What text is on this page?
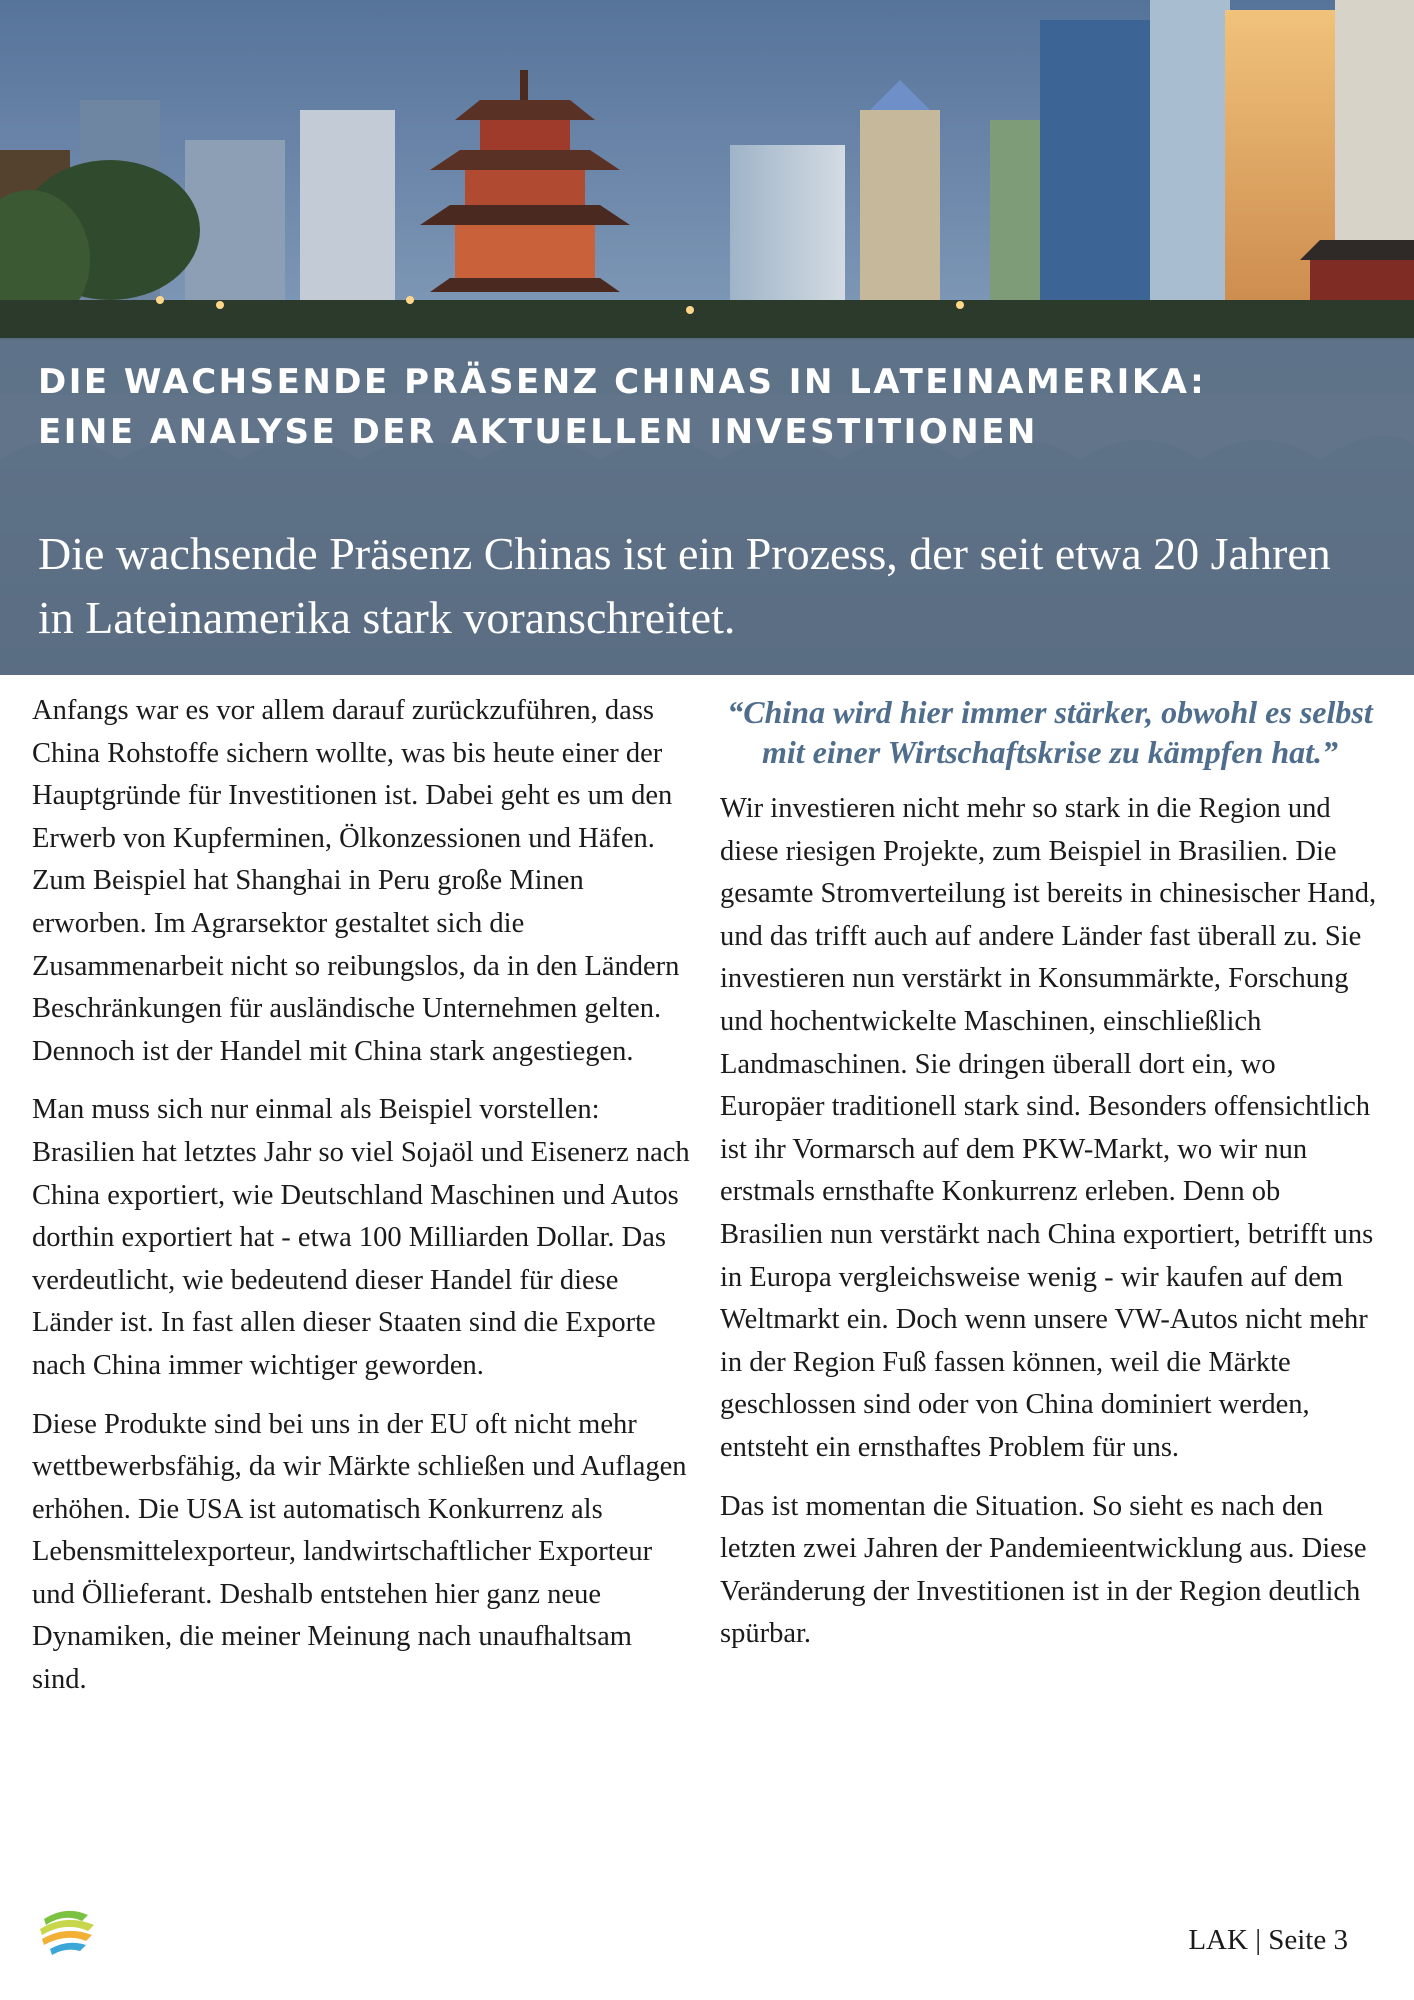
DIE WACHSENDE PRÄSENZ CHINAS IN LATEINAMERIKA: EINE ANALYSE DER AKTUELLEN INVESTITIONEN

Die wachsende Präsenz Chinas ist ein Prozess, der seit etwa 20 Jahren in Lateinamerika stark voranschreitet.

Anfangs war es vor allem darauf zurückzuführen, dass China Rohstoffe sichern wollte, was bis heute einer der Hauptgründe für Investitionen ist. Dabei geht es um den Erwerb von Kupferminen, Ölkonzessionen und Häfen. Zum Beispiel hat Shanghai in Peru große Minen erworben. Im Agrarsektor gestaltet sich die Zusammenarbeit nicht so reibungslos, da in den Ländern Beschränkungen für ausländische Unternehmen gelten. Dennoch ist der Handel mit China stark angestiegen.

Man muss sich nur einmal als Beispiel vorstellen: Brasilien hat letztes Jahr so viel Sojaöl und Eisenerz nach China exportiert, wie Deutschland Maschinen und Autos dorthin exportiert hat - etwa 100 Milliarden Dollar. Das verdeutlicht, wie bedeutend dieser Handel für diese Länder ist. In fast allen dieser Staaten sind die Exporte nach China immer wichtiger geworden.

Diese Produkte sind bei uns in der EU oft nicht mehr wettbewerbsfähig, da wir Märkte schließen und Auflagen erhöhen. Die USA ist automatisch Konkurrenz als Lebensmittelexporteur, landwirtschaftlicher Exporteur und Öllieferant. Deshalb entstehen hier ganz neue Dynamiken, die meiner Meinung nach unaufhaltsam sind.

“China wird hier immer stärker, obwohl es selbst mit einer Wirtschaftskrise zu kämpfen hat.”

Wir investieren nicht mehr so stark in die Region und diese riesigen Projekte, zum Beispiel in Brasilien. Die gesamte Stromverteilung ist bereits in chinesischer Hand, und das trifft auch auf andere Länder fast überall zu. Sie investieren nun verstärkt in Konsummärkte, Forschung und hochentwickelte Maschinen, einschließlich Landmaschinen. Sie dringen überall dort ein, wo Europäer traditionell stark sind. Besonders offensichtlich ist ihr Vormarsch auf dem PKW-Markt, wo wir nun erstmals ernsthafte Konkurrenz erleben. Denn ob Brasilien nun verstärkt nach China exportiert, betrifft uns in Europa vergleichsweise wenig - wir kaufen auf dem Weltmarkt ein. Doch wenn unsere VW-Autos nicht mehr in der Region Fuß fassen können, weil die Märkte geschlossen sind oder von China dominiert werden, entsteht ein ernsthaftes Problem für uns.

Das ist momentan die Situation. So sieht es nach den letzten zwei Jahren der Pandemieentwicklung aus. Diese Veränderung der Investitionen ist in der Region deutlich spürbar.

LAK | Seite 3
